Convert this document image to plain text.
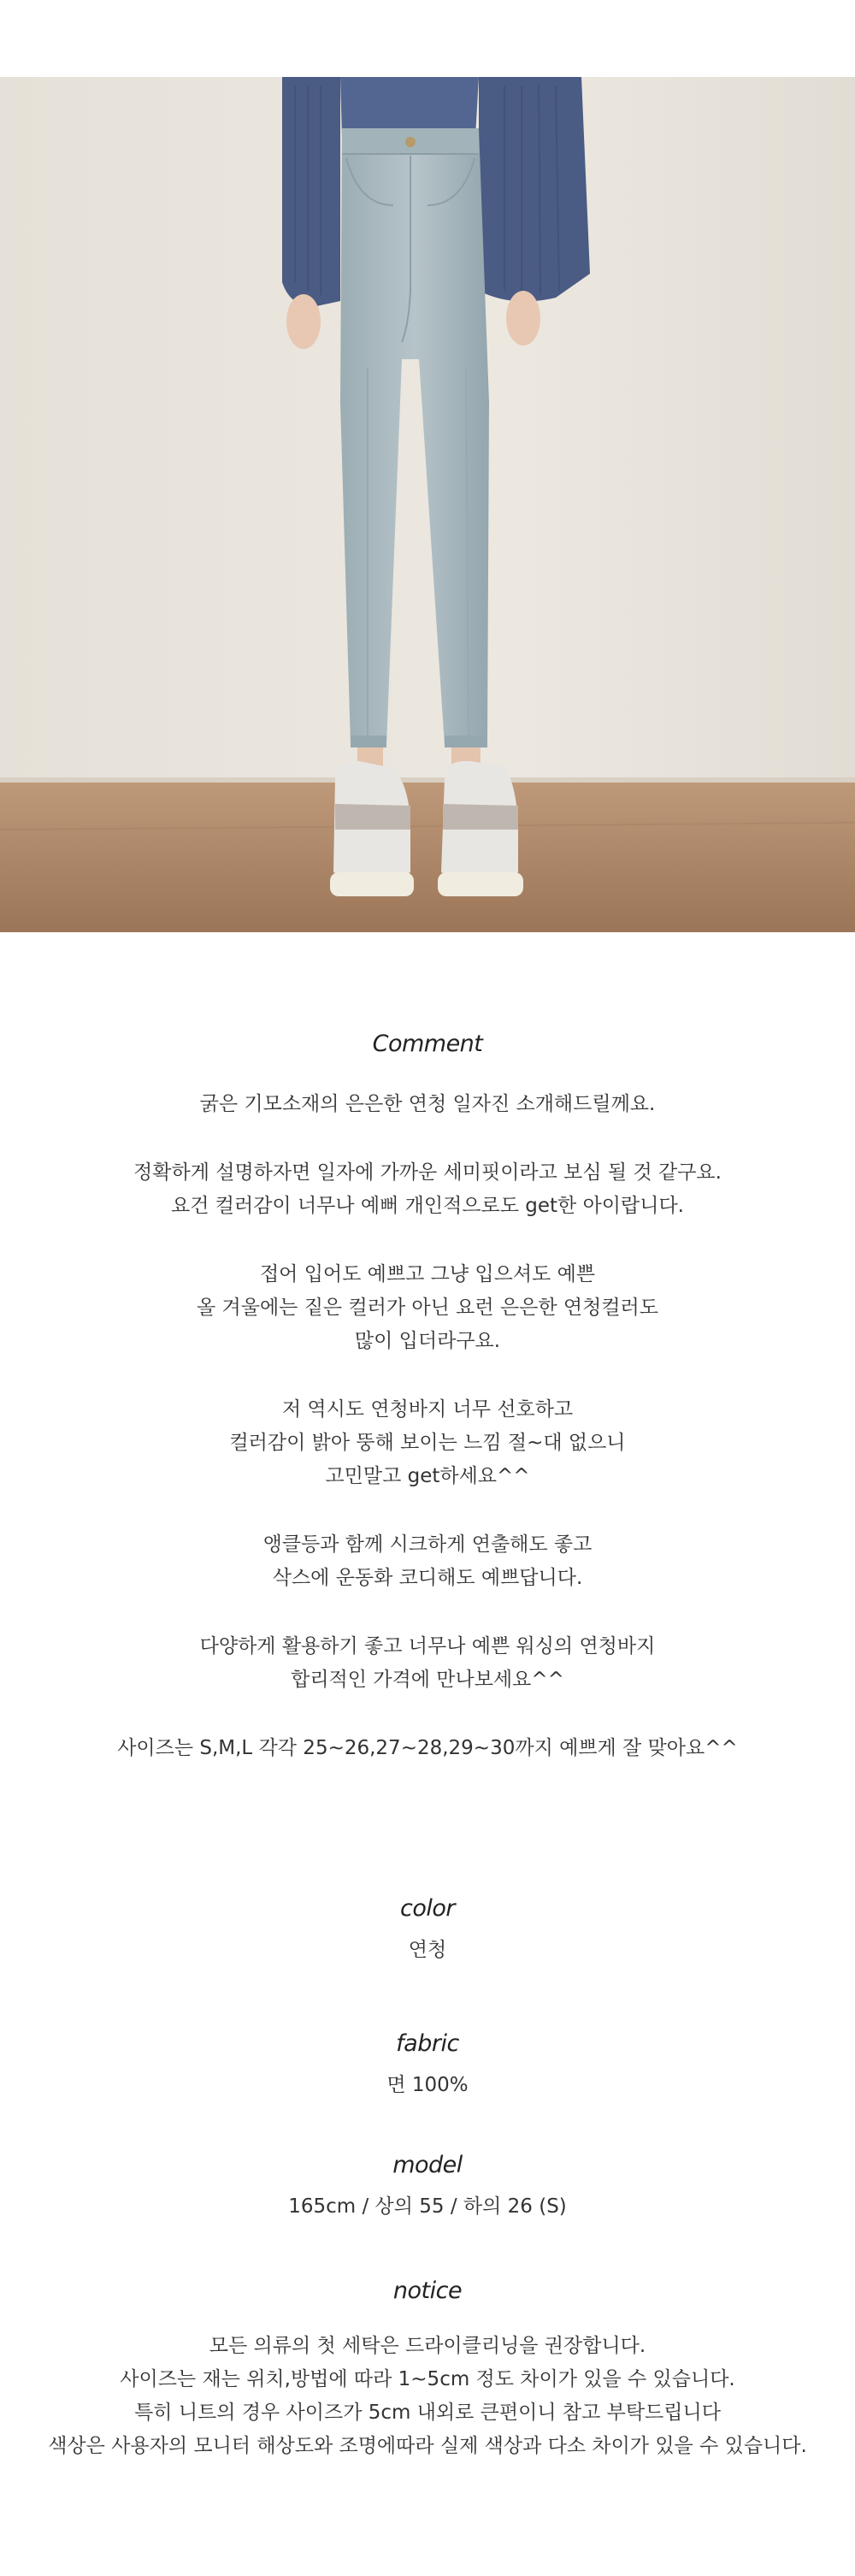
Comment

굵은 기모소재의 은은한 연청 일자진 소개해드릴께요.

정확하게 설명하자면 일자에 가까운 세미핏이라고 보심 될 것 같구요.

요건 컬러감이 너무나 예뻐 개인적으로도 get한 아이랍니다.

접어 입어도 예쁘고 그냥 입으셔도 예쁜

올 겨울에는 짙은 컬러가 아닌 요런 은은한 연청컬러도

많이 입더라구요.

저 역시도 연청바지 너무 선호하고

컬러감이 밝아 뚱해 보이는 느낌 절~대 없으니

고민말고 get하세요^^

앵클등과 함께 시크하게 연출해도 좋고

삭스에 운동화 코디해도 예쁘답니다.

다양하게 활용하기 좋고 너무나 예쁜 워싱의 연청바지

합리적인 가격에 만나보세요^^

사이즈는 S,M,L 각각 25~26,27~28,29~30까지 예쁘게 잘 맞아요^^

color

연청

fabric

면 100%

model

165cm / 상의 55 / 하의 26 (S)

notice

모든 의류의 첫 세탁은 드라이클리닝을 권장합니다.

사이즈는 재는 위치,방법에 따라 1~5cm 정도 차이가 있을 수 있습니다.

특히 니트의 경우 사이즈가 5cm 내외로 큰편이니 참고 부탁드립니다

색상은 사용자의 모니터 해상도와 조명에따라 실제 색상과 다소 차이가 있을 수 있습니다.
